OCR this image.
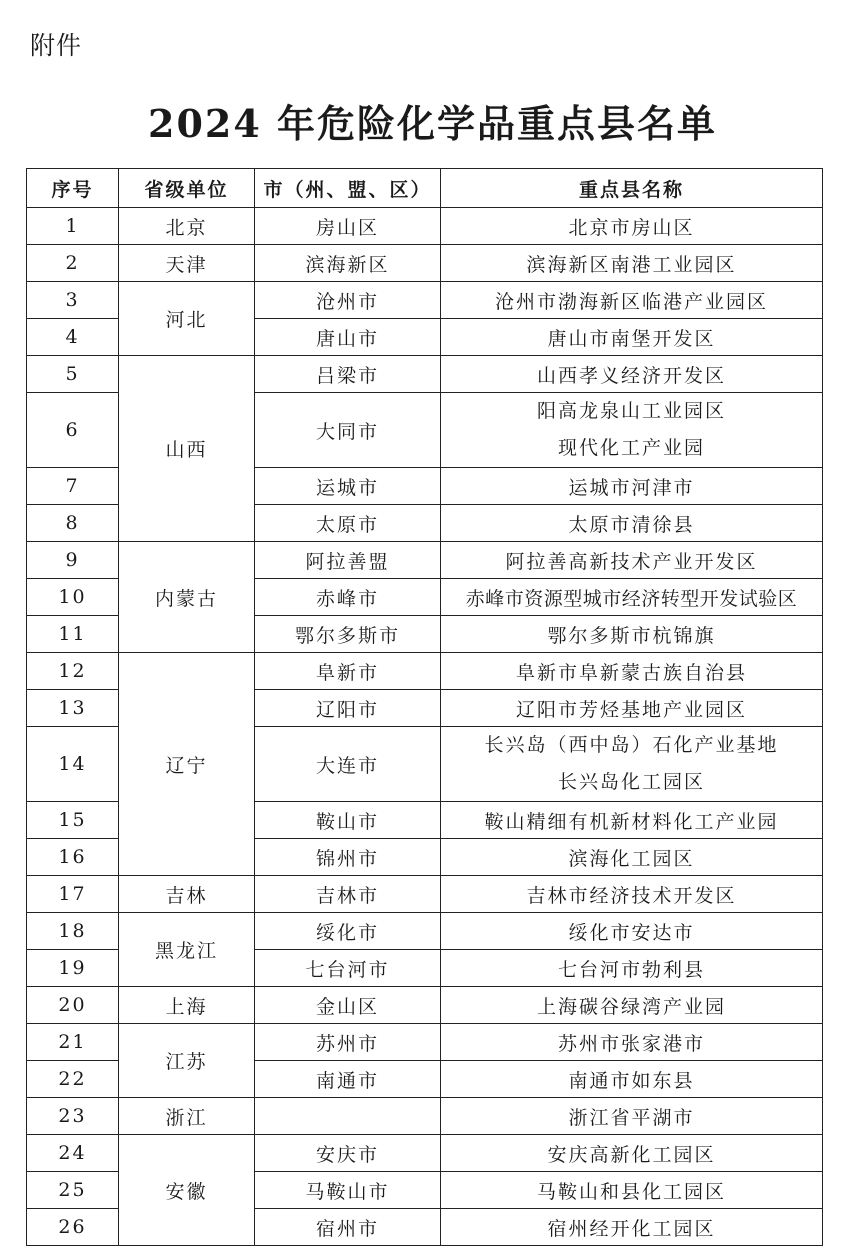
附件
2024 年危险化学品重点县名单
序号	省级单位	市（州、盟、区）	重点县名称
1	北京	房山区	北京市房山区
2	天津	滨海新区	滨海新区南港工业园区
3	河北	沧州市	沧州市渤海新区临港产业园区
4		唐山市	唐山市南堡开发区
5	山西	吕梁市	山西孝义经济开发区
6		大同市	阳高龙泉山工业园区
现代化工产业园

7		运城市	运城市河津市
8		太原市	太原市清徐县
9	内蒙古	阿拉善盟	阿拉善高新技术产业开发区
10		赤峰市	赤峰市资源型城市经济转型开发试验区
11		鄂尔多斯市	鄂尔多斯市杭锦旗
12	辽宁	阜新市	阜新市阜新蒙古族自治县
13		辽阳市	辽阳市芳烃基地产业园区
14		大连市	长兴岛（西中岛）石化产业基地
长兴岛化工园区

15		鞍山市	鞍山精细有机新材料化工产业园
16		锦州市	滨海化工园区
17	吉林	吉林市	吉林市经济技术开发区
18	黑龙江	绥化市	绥化市安达市
19		七台河市	七台河市勃利县
20	上海	金山区	上海碳谷绿湾产业园
21	江苏	苏州市	苏州市张家港市
22		南通市	南通市如东县
23	浙江		浙江省平湖市
24	安徽	安庆市	安庆高新化工园区
25		马鞍山市	马鞍山和县化工园区
26		宿州市	宿州经开化工园区
